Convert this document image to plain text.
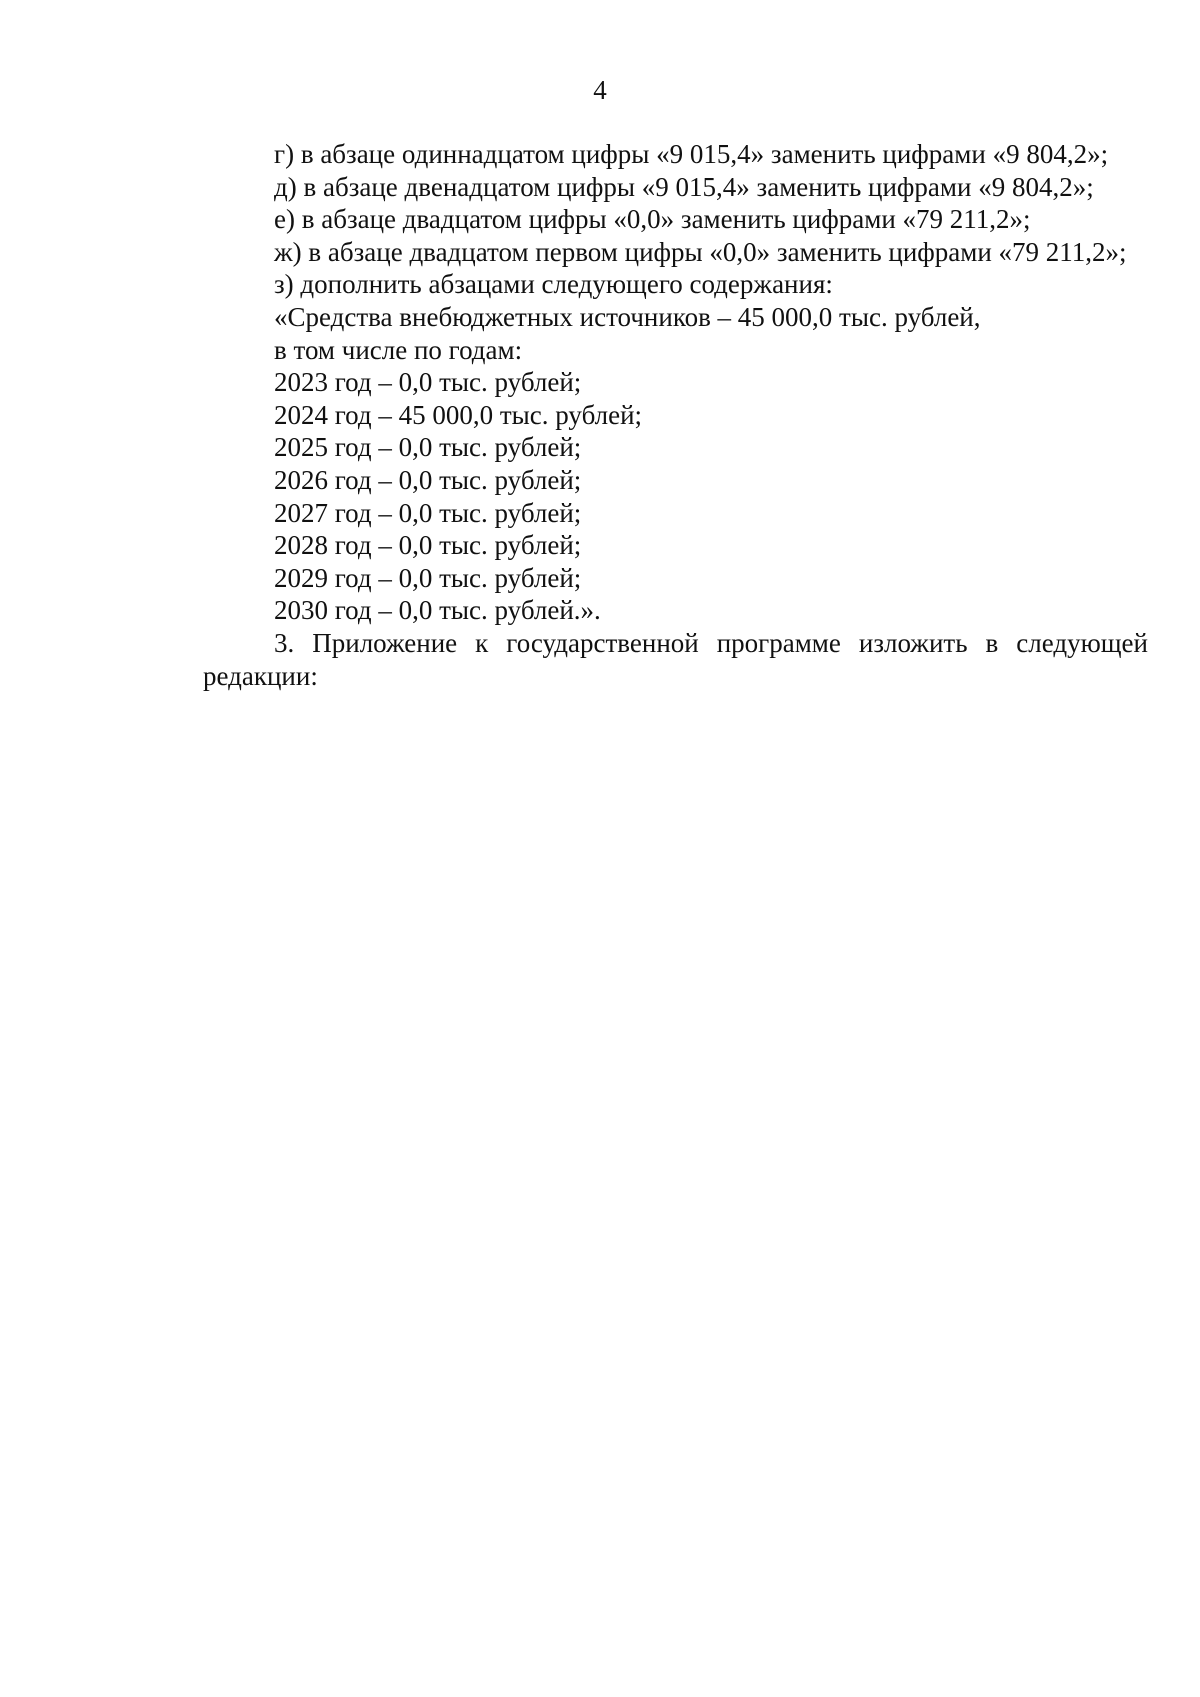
4

г) в абзаце одиннадцатом цифры «9 015,4» заменить цифрами «9 804,2»;

д) в абзаце двенадцатом цифры «9 015,4» заменить цифрами «9 804,2»;

е) в абзаце двадцатом цифры «0,0» заменить цифрами «79 211,2»;

ж) в абзаце двадцатом первом цифры «0,0» заменить цифрами «79 211,2»;

з) дополнить абзацами следующего содержания:

«Средства внебюджетных источников – 45 000,0 тыс. рублей,

в том числе по годам:

2023 год – 0,0 тыс. рублей;

2024 год – 45 000,0 тыс. рублей;

2025 год – 0,0 тыс. рублей;

2026 год – 0,0 тыс. рублей;

2027 год – 0,0 тыс. рублей;

2028 год – 0,0 тыс. рублей;

2029 год – 0,0 тыс. рублей;

2030 год – 0,0 тыс. рублей.».

3. Приложение к государственной программе изложить в следующей редакции:
